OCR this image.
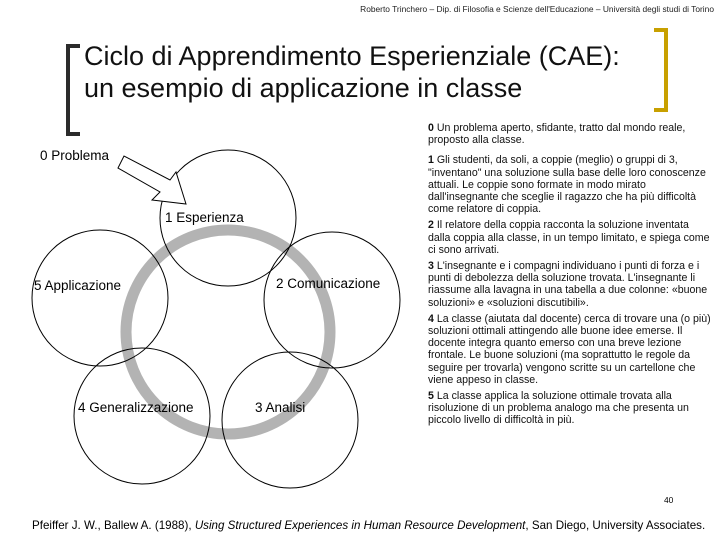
Roberto Trinchero – Dip. di Filosofia e Scienze dell'Educazione – Università degli studi di Torino
Ciclo di Apprendimento Esperienziale (CAE):
un esempio di applicazione in classe
0 Problema
1 Esperienza
2 Comunicazione
5 Applicazione
4 Generalizzazione	3 Analisi
0 Un problema aperto, sfidante, tratto dal mondo reale, proposto alla classe.
1 Gli studenti, da soli, a coppie (meglio) o gruppi di 3, "inventano" una soluzione sulla base delle loro conoscenze attuali. Le coppie sono formate in modo mirato dall'insegnante che sceglie il ragazzo che ha più difficoltà come relatore di coppia.
2 Il relatore della coppia racconta la soluzione inventata dalla coppia alla classe, in un tempo limitato, e spiega come ci sono arrivati.
3 L'insegnante e i compagni individuano i punti di forza e i punti di debolezza della soluzione trovata. L'insegnante li riassume alla lavagna in una tabella a due colonne: «buone soluzioni» e «soluzioni discutibili».
4 La classe (aiutata dal docente) cerca di trovare una (o più) soluzioni ottimali attingendo alle buone idee emerse. Il docente integra quanto emerso con una breve lezione frontale. Le buone soluzioni (ma soprattutto le regole da seguire per trovarla) vengono scritte su un cartellone che viene appeso in classe.
5 La classe applica la soluzione ottimale trovata alla risoluzione di un problema analogo ma che presenta un piccolo livello di difficoltà in più.
40
Pfeiffer J. W., Ballew A. (1988), Using Structured Experiences in Human Resource Development, San Diego, University Associates.
